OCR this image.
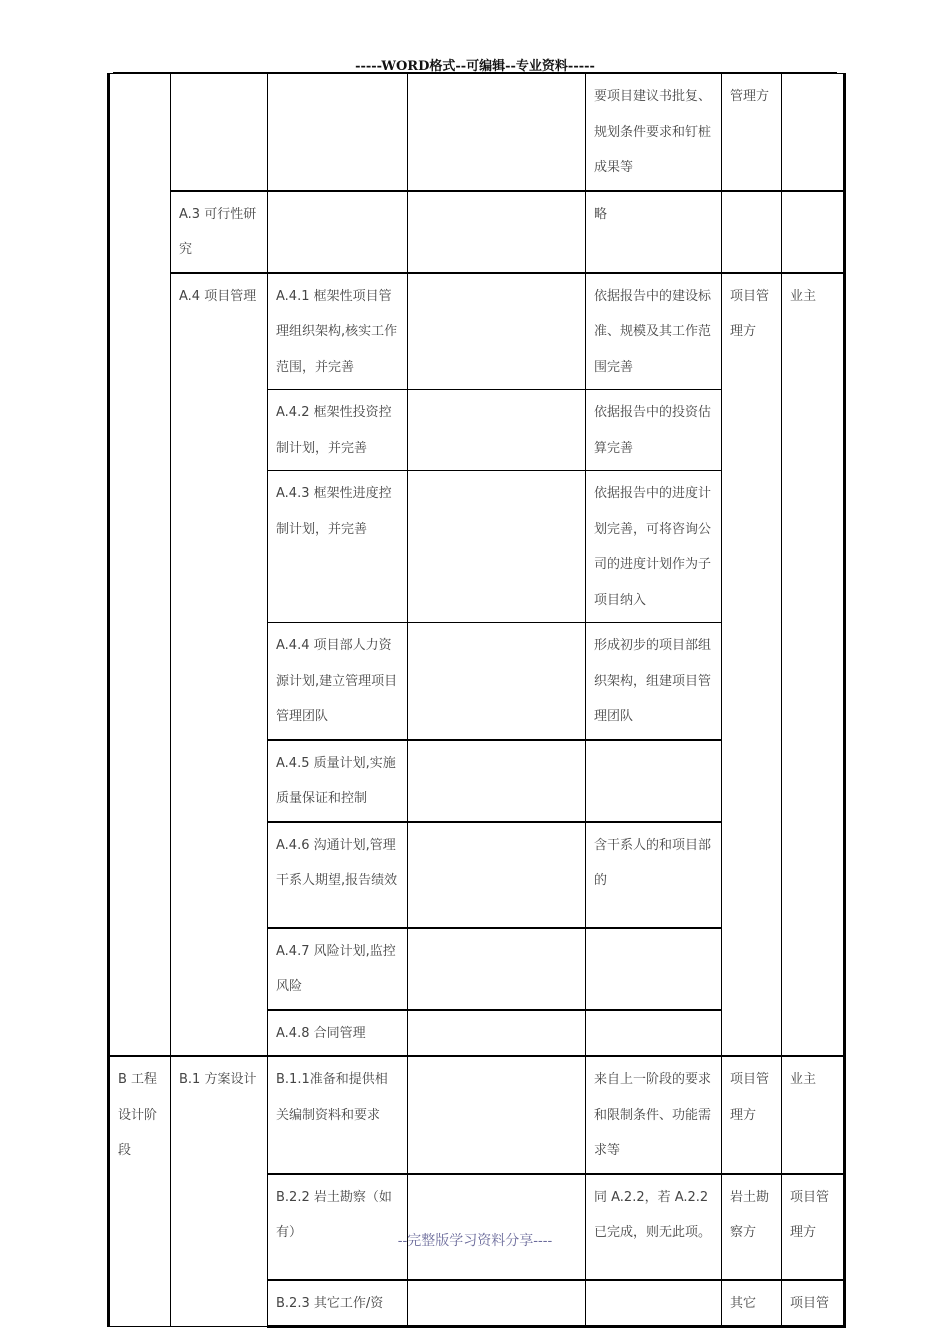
-----WORD格式--可编辑--专业资料-----

				要项目建议书批复、规划条件要求和钉桩成果等	管理方	

	A.3 可行性研究			略		

	A.4 项目管理	A.4.1 框架性项目管理组织架构,核实工作范围，并完善		依据报告中的建设标准、规模及其工作范围完善	项目管理方	业主

		A.4.2 框架性投资控制计划，并完善		依据报告中的投资估算完善		

		A.4.3 框架性进度控制计划，并完善		依据报告中的进度计划完善，可将咨询公司的进度计划作为子项目纳入		

		A.4.4 项目部人力资源计划,建立管理项目管理团队		形成初步的项目部组织架构，组建项目管理团队		

		A.4.5 质量计划,实施质量保证和控制				

		A.4.6 沟通计划,管理干系人期望,报告绩效		含干系人的和项目部的		

		A.4.7 风险计划,监控风险				

		A.4.8 合同管理				

B 工程设计阶段	B.1 方案设计	B.1.1准备和提供相关编制资料和要求		来自上一阶段的要求和限制条件、功能需求等	项目管理方	业主

		B.2.2 岩土勘察（如有）		同 A.2.2，若 A.2.2 已完成，则无此项。	岩土勘察方	项目管理方

		B.2.3 其它工作/资			其它	项目管
--完整版学习资料分享----
